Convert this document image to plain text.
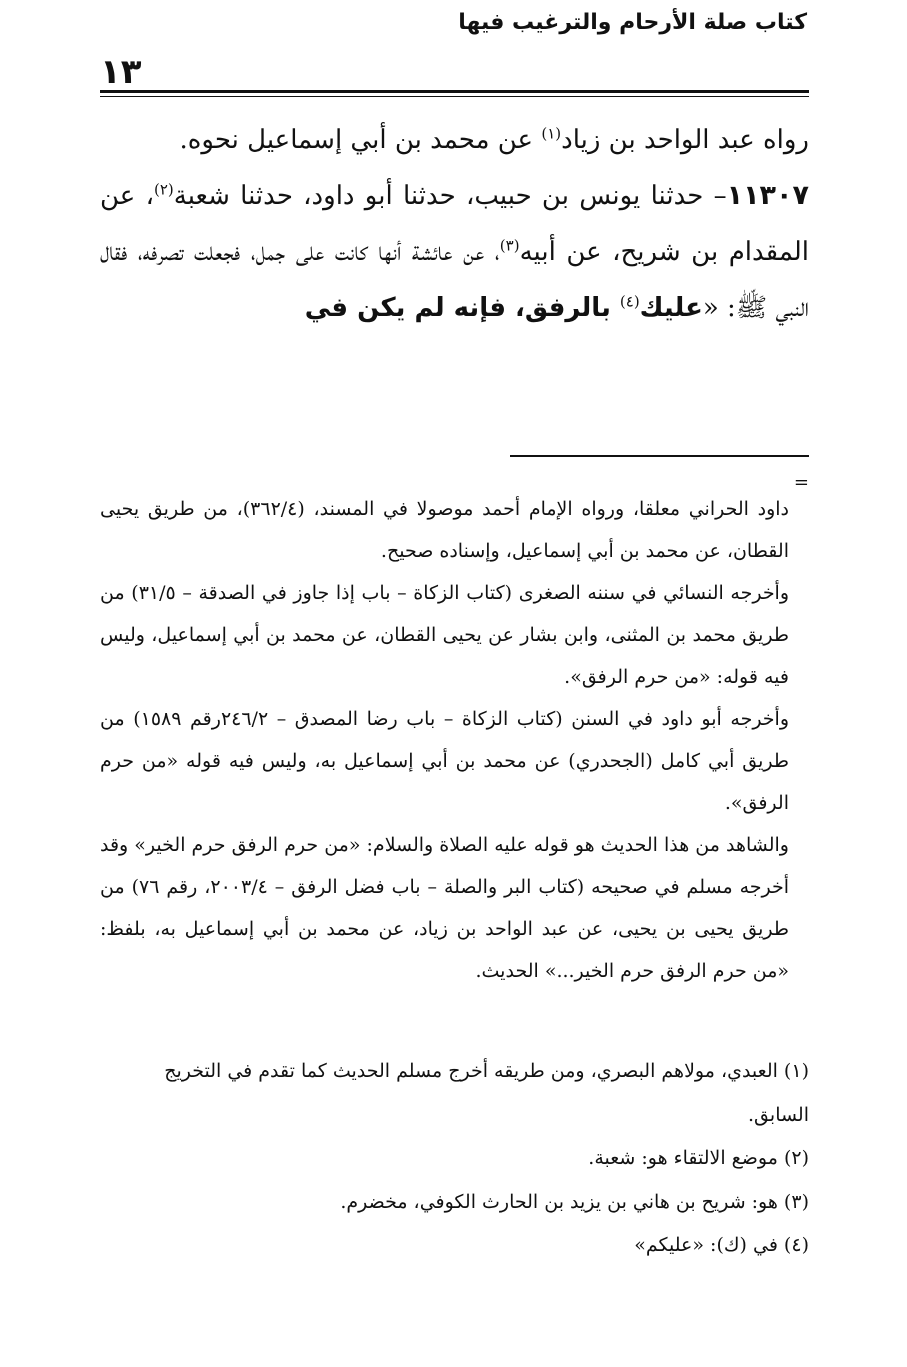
١٣
كتاب صلة الأرحام والترغيب فيها

رواه عبد الواحد بن زياد$^{(١)}$ عن محمد بن أبي إسماعيل نحوه.

١١٣٠٧– حدثنا يونس بن حبيب، حدثنا أبو داود، حدثنا شعبة$^{(٢)}$، عن المقدام بن شريح، عن أبيه$^{(٣)}$، عن عائشة أنها كانت على جمل، فجعلت تصرفه، فقال النبي ﷺ: «عليك$^{(٤)}$ بالرفق، فإنه لم يكن في

=

داود الحراني معلقا، ورواه الإمام أحمد موصولا في المسند، (٣٦٢/٤)، من طريق يحيى القطان، عن محمد بن أبي إسماعيل، وإسناده صحيح.

وأخرجه النسائي في سننه الصغرى (كتاب الزكاة – باب إذا جاوز في الصدقة – ٣١/٥) من طريق محمد بن المثنى، وابن بشار عن يحيى القطان، عن محمد بن أبي إسماعيل، وليس فيه قوله: «من حرم الرفق».

وأخرجه أبو داود في السنن (كتاب الزكاة – باب رضا المصدق – ٢٤٦/٢رقم ١٥٨٩) من طريق أبي كامل (الجحدري) عن محمد بن أبي إسماعيل به، وليس فيه قوله «من حرم الرفق».

والشاهد من هذا الحديث هو قوله عليه الصلاة والسلام: «من حرم الرفق حرم الخير» وقد أخرجه مسلم في صحيحه (كتاب البر والصلة – باب فضل الرفق – ٢٠٠٣/٤، رقم ٧٦) من طريق يحيى بن يحيى، عن عبد الواحد بن زياد، عن محمد بن أبي إسماعيل به، بلفظ: «من حرم الرفق حرم الخير...» الحديث.

(١) العبدي، مولاهم البصري، ومن طريقه أخرج مسلم الحديث كما تقدم في التخريج السابق.

(٢) موضع الالتقاء هو: شعبة.

(٣) هو: شريح بن هاني بن يزيد بن الحارث الكوفي، مخضرم.

(٤) في (ك): «عليكم»
